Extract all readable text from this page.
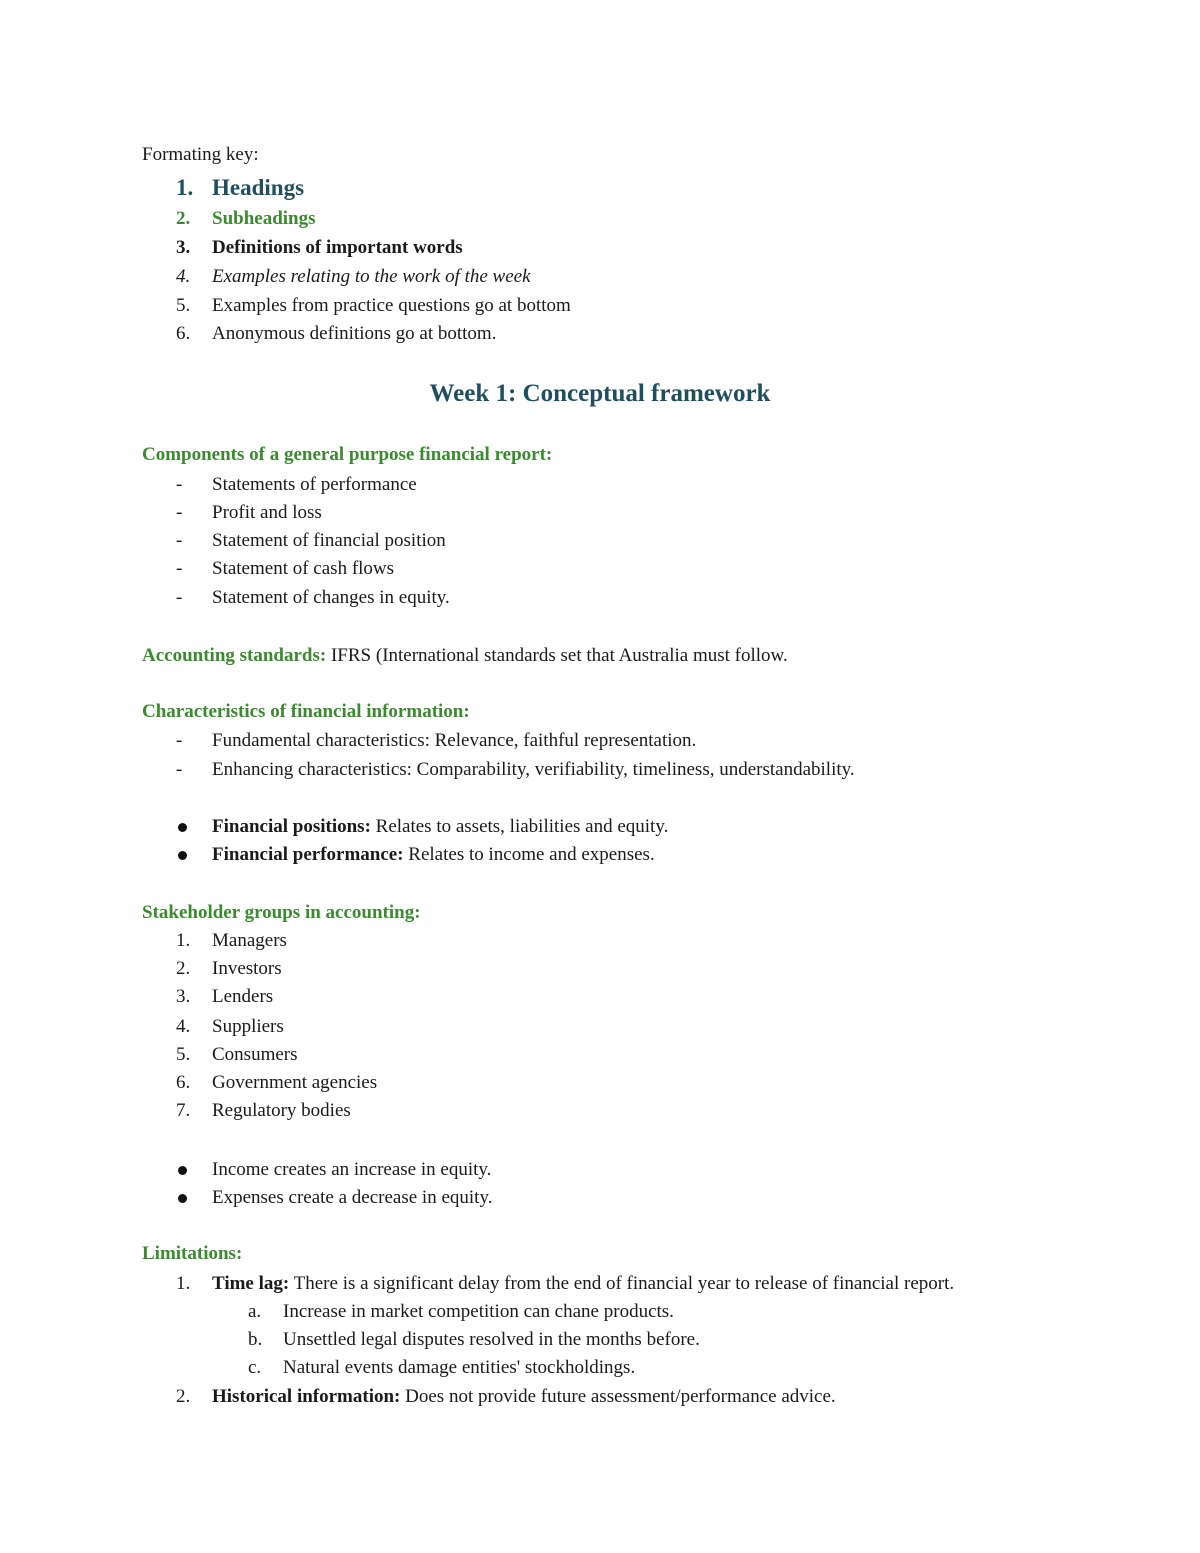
Formating key:
1. Headings
2. Subheadings
3. Definitions of important words
4. Examples relating to the work of the week
5. Examples from practice questions go at bottom
6. Anonymous definitions go at bottom.
Week 1: Conceptual framework
Components of a general purpose financial report:
- Statements of performance
- Profit and loss
- Statement of financial position
- Statement of cash flows
- Statement of changes in equity.
Accounting standards: IFRS (International standards set that Australia must follow.
Characteristics of financial information:
- Fundamental characteristics: Relevance, faithful representation.
- Enhancing characteristics: Comparability, verifiability, timeliness, understandability.
Financial positions: Relates to assets, liabilities and equity.
Financial performance: Relates to income and expenses.
Stakeholder groups in accounting:
1. Managers
2. Investors
3. Lenders
4. Suppliers
5. Consumers
6. Government agencies
7. Regulatory bodies
Income creates an increase in equity.
Expenses create a decrease in equity.
Limitations:
1. Time lag: There is a significant delay from the end of financial year to release of financial report.
a. Increase in market competition can chane products.
b. Unsettled legal disputes resolved in the months before.
c. Natural events damage entities' stockholdings.
2. Historical information: Does not provide future assessment/performance advice.
